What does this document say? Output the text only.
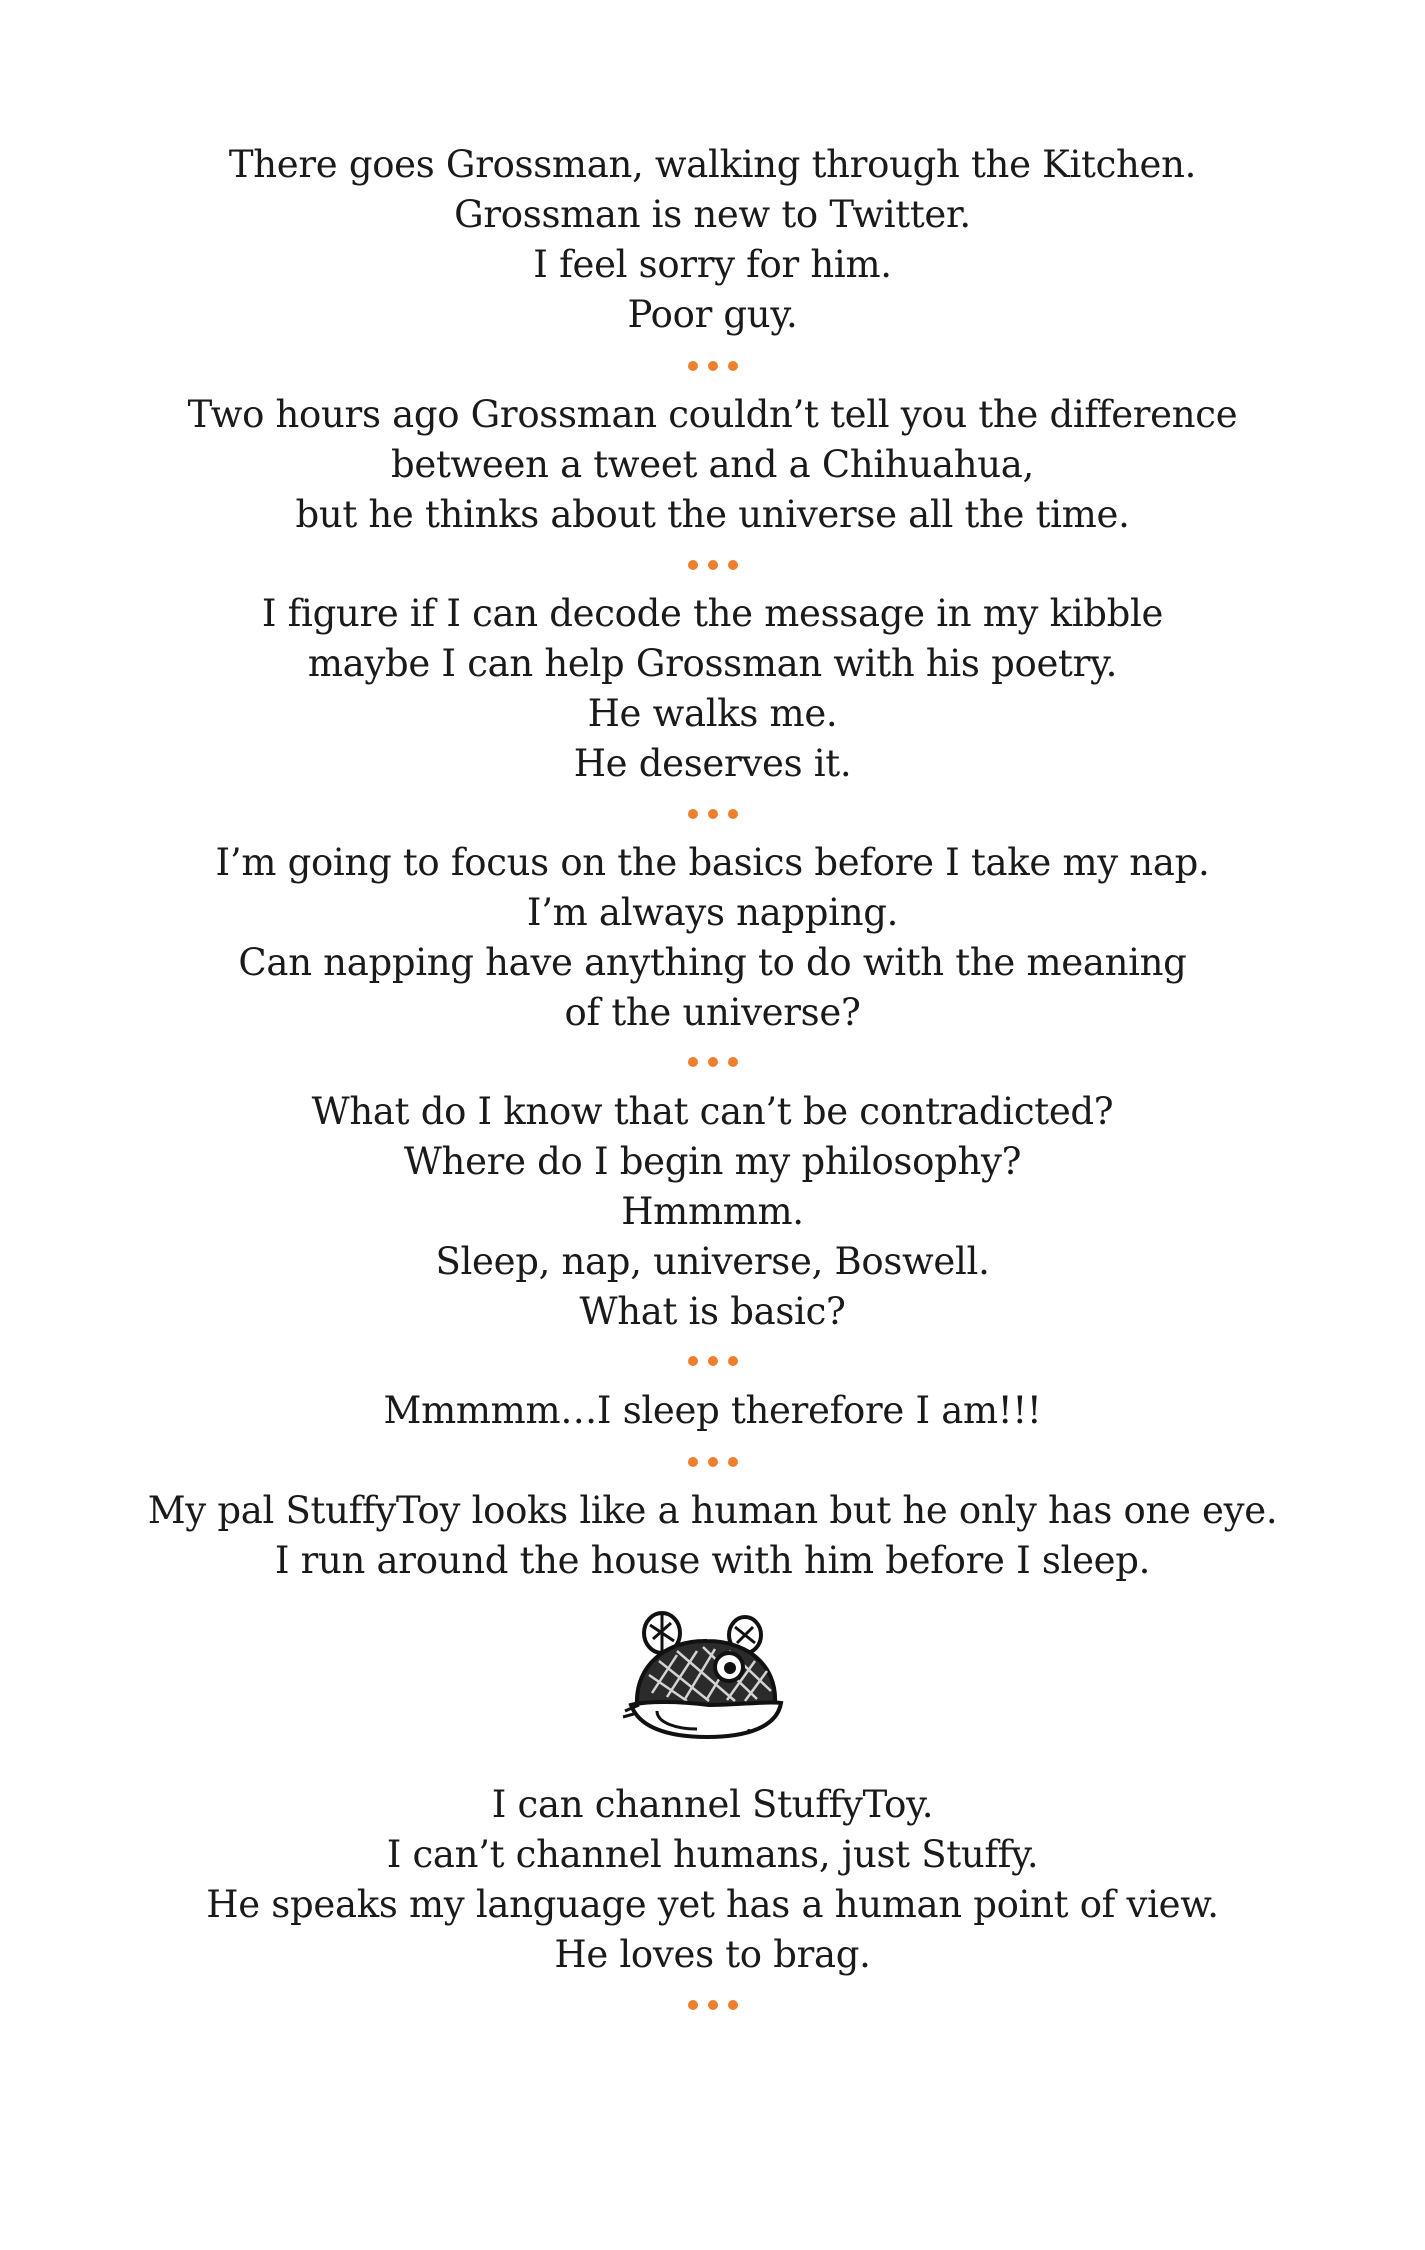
There goes Grossman, walking through the Kitchen.
Grossman is new to Twitter.
I feel sorry for him.
Poor guy.
Two hours ago Grossman couldn’t tell you the difference
between a tweet and a Chihuahua,
but he thinks about the universe all the time.
I figure if I can decode the message in my kibble
maybe I can help Grossman with his poetry.
He walks me.
He deserves it.
I’m going to focus on the basics before I take my nap.
I’m always napping.
Can napping have anything to do with the meaning
of the universe?
What do I know that can’t be contradicted?
Where do I begin my philosophy?
Hmmmm.
Sleep, nap, universe, Boswell.
What is basic?
Mmmmm…I sleep therefore I am!!!
My pal StuffyToy looks like a human but he only has one eye.
I run around the house with him before I sleep.
I can channel StuffyToy.
I can’t channel humans, just Stuffy.
He speaks my language yet has a human point of view.
He loves to brag.
